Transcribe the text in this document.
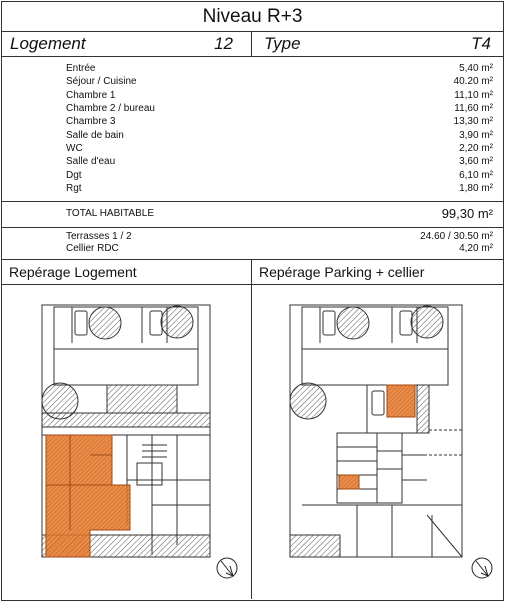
Niveau R+3
Logement	12 Type	T4
Entrée	5,40 m²
Séjour / Cuisine	40.20 m²
Chambre 1	11,10 m²
Chambre 2 / bureau	11,60 m²
Chambre 3	13,30 m²
Salle de bain	3,90 m²
WC	2,20 m²
Salle d'eau	3,60 m²
Dgt	6,10 m²
Rgt	1,80 m²
TOTAL HABITABLE	99,30 m²
Terrasses 1 / 2	24.60 / 30.50 m²
Cellier RDC	4,20 m²
Repérage Logement	Repérage Parking + cellier
